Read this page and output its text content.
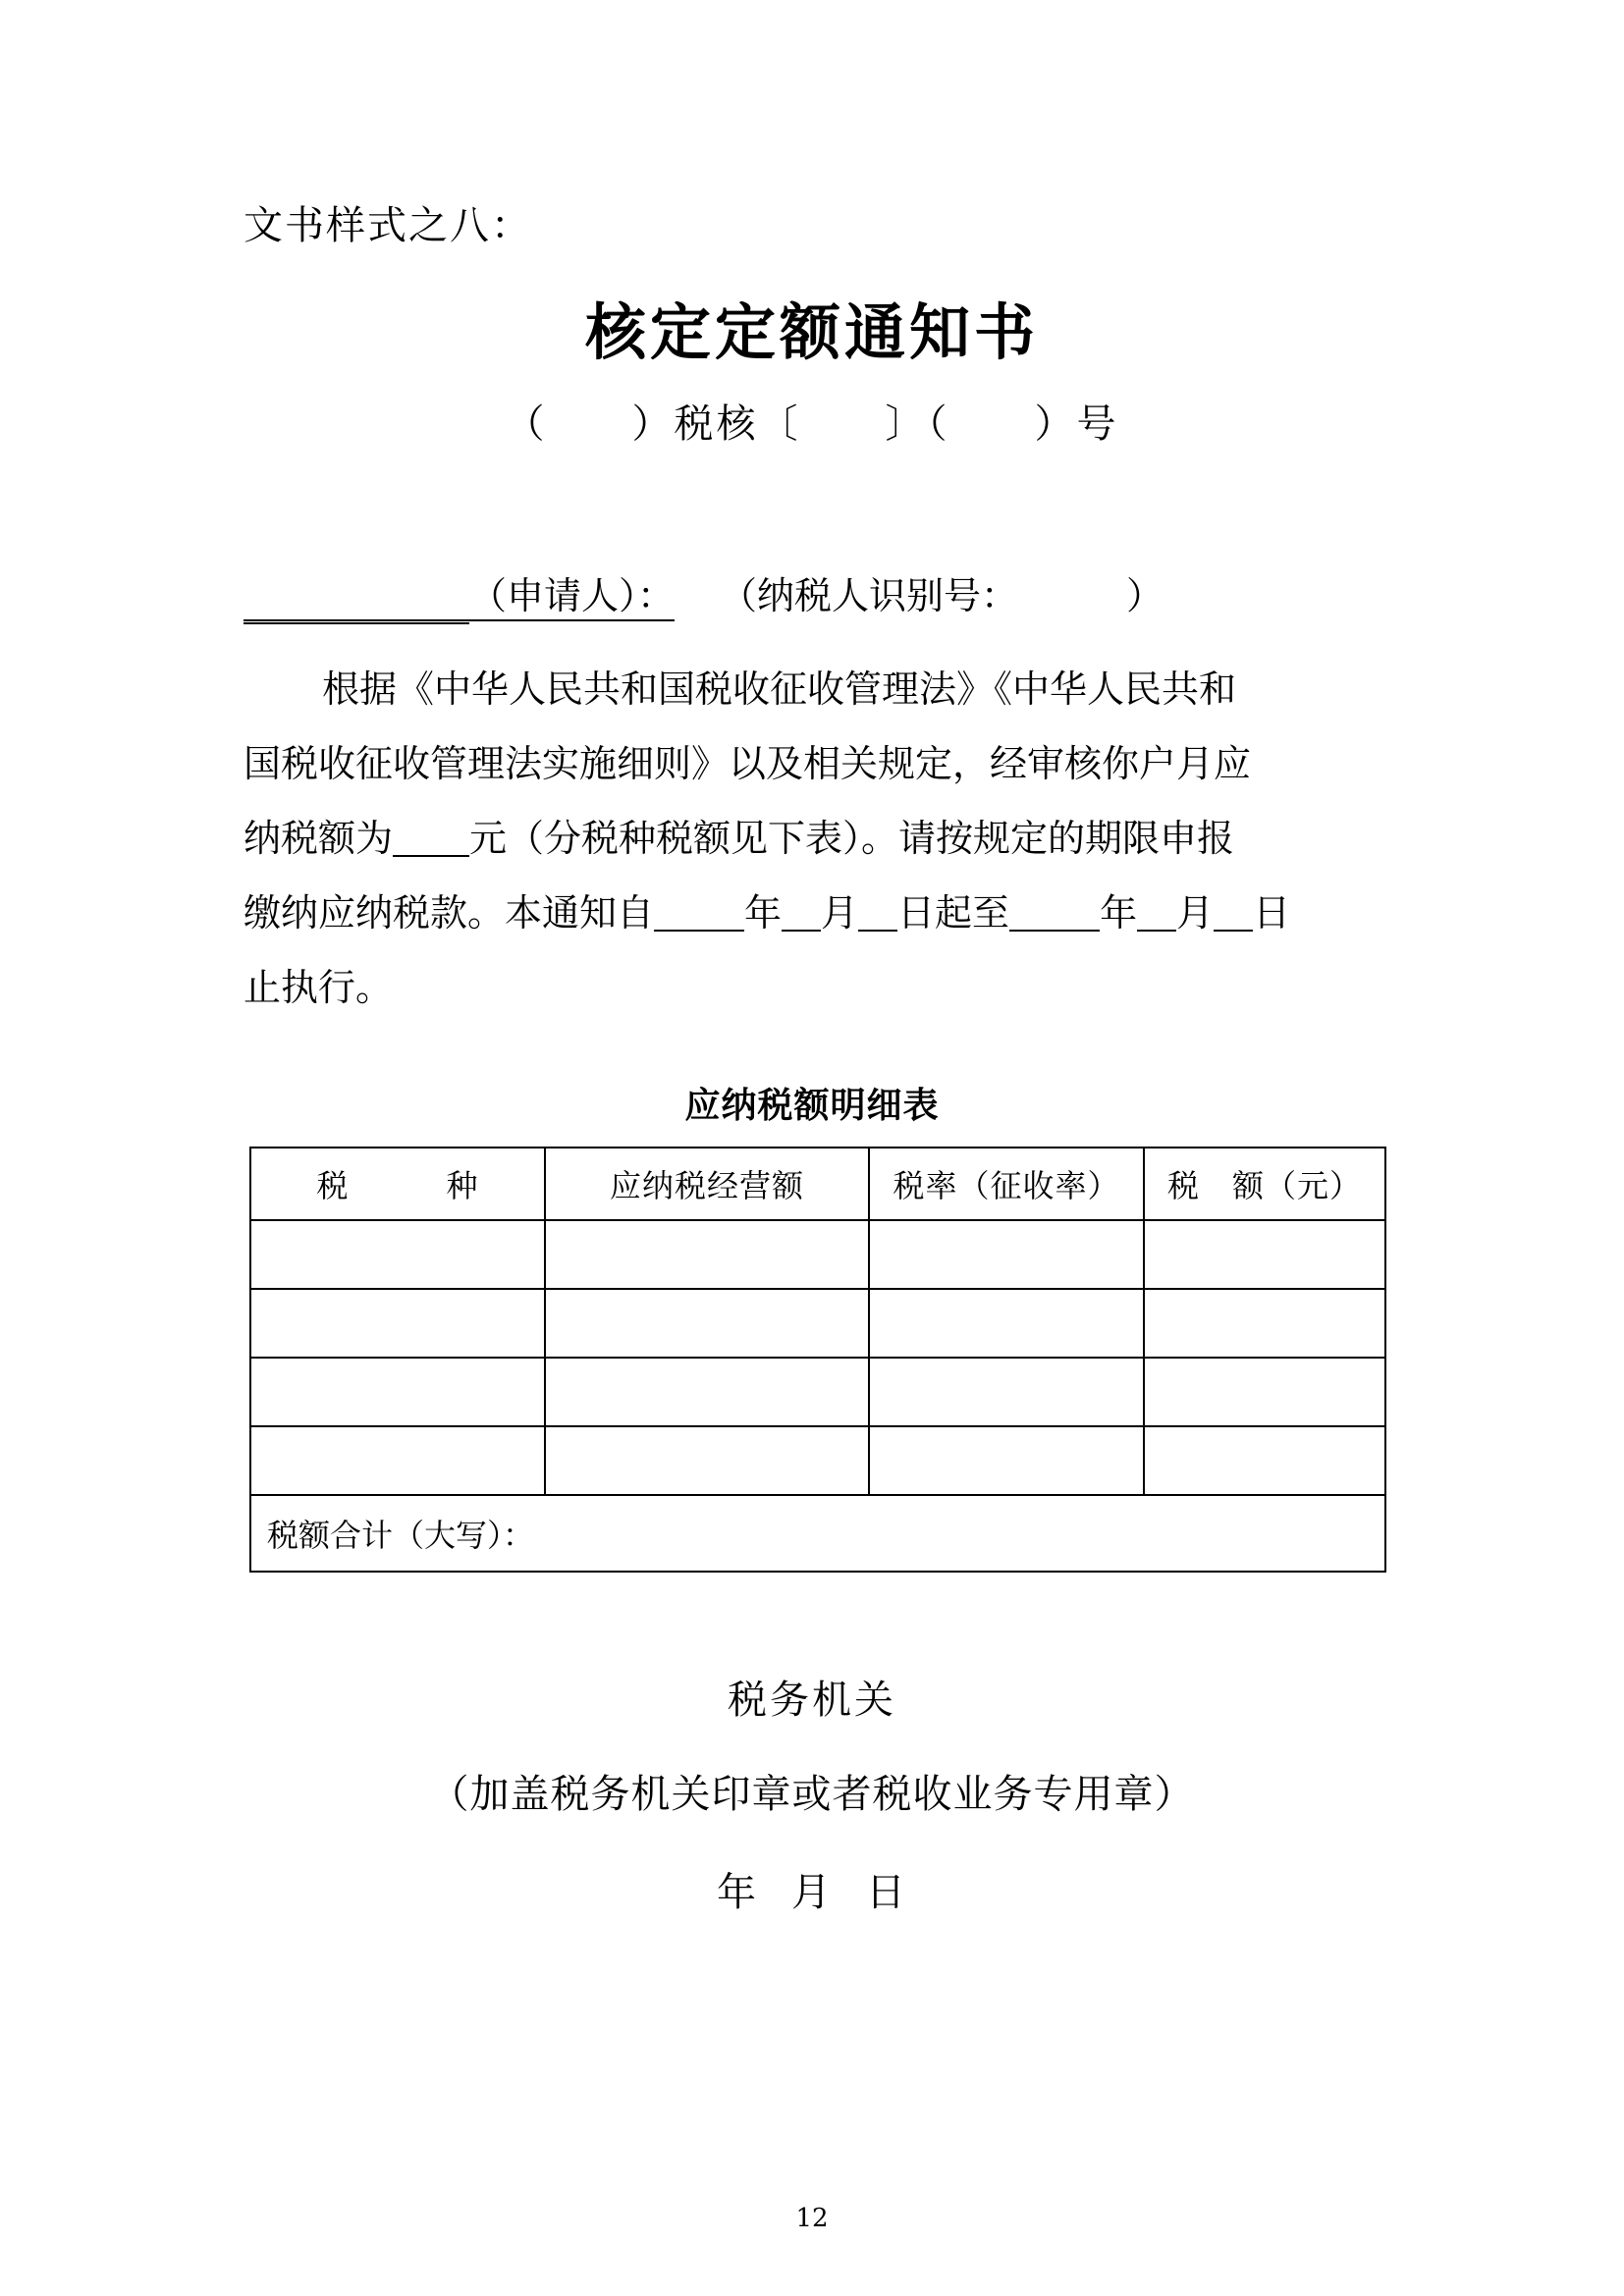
文书样式之八：
核定定额通知书
（　　）税核〔　　〕（　　）号
（申请人）： （纳税人识别号：	）
根据《中华人民共和国税收征收管理法》《中华人民共和
国税收征收管理法实施细则》以及相关规定，经审核你户月应
纳税额为 元（分税种税额见下表）。请按规定的期限申报
缴纳应纳税款。本通知自 年 月 日起至 年 月 日
止执行。
应纳税额明细表
税　　　种	应纳税经营额	税率（征收率）	税　额（元）

税额合计（大写）：			
税务机关
（加盖税务机关印章或者税收业务专用章）
年 月 日
12
